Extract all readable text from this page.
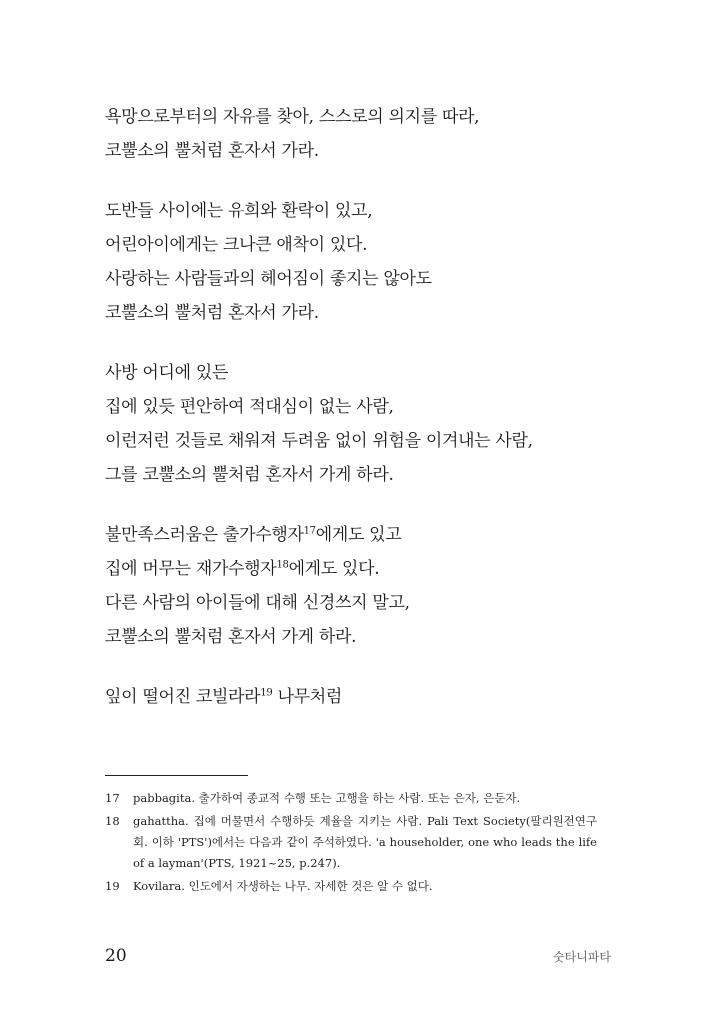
욕망으로부터의 자유를 찾아, 스스로의 의지를 따라,
코뿔소의 뿔처럼 혼자서 가라.
도반들 사이에는 유희와 환락이 있고,
어린아이에게는 크나큰 애착이 있다.
사랑하는 사람들과의 헤어짐이 좋지는 않아도
코뿔소의 뿔처럼 혼자서 가라.
사방 어디에 있든
집에 있듯 편안하여 적대심이 없는 사람,
이런저런 것들로 채워져 두려움 없이 위험을 이겨내는 사람,
그를 코뿔소의 뿔처럼 혼자서 가게 하라.
불만족스러움은 출가수행자$^{17}$에게도 있고
집에 머무는 재가수행자$^{18}$에게도 있다.
다른 사람의 아이들에 대해 신경쓰지 말고,
코뿔소의 뿔처럼 혼자서 가게 하라.
잎이 떨어진 코빌라라$^{19}$ 나무처럼
17 pabbagita. 출가하여 종교적 수행 또는 고행을 하는 사람. 또는 은자, 은둔자.
18 gahattha. 집에 머물면서 수행하듯 계율을 지키는 사람. Pali Text Society(팔리원전연구회. 이하 'PTS')에서는 다음과 같이 주석하였다. 'a householder, one who leads the life of a layman'(PTS, 1921~25, p.247).
19 Kovilara. 인도에서 자생하는 나무. 자세한 것은 알 수 없다.
20	숫타니파타
